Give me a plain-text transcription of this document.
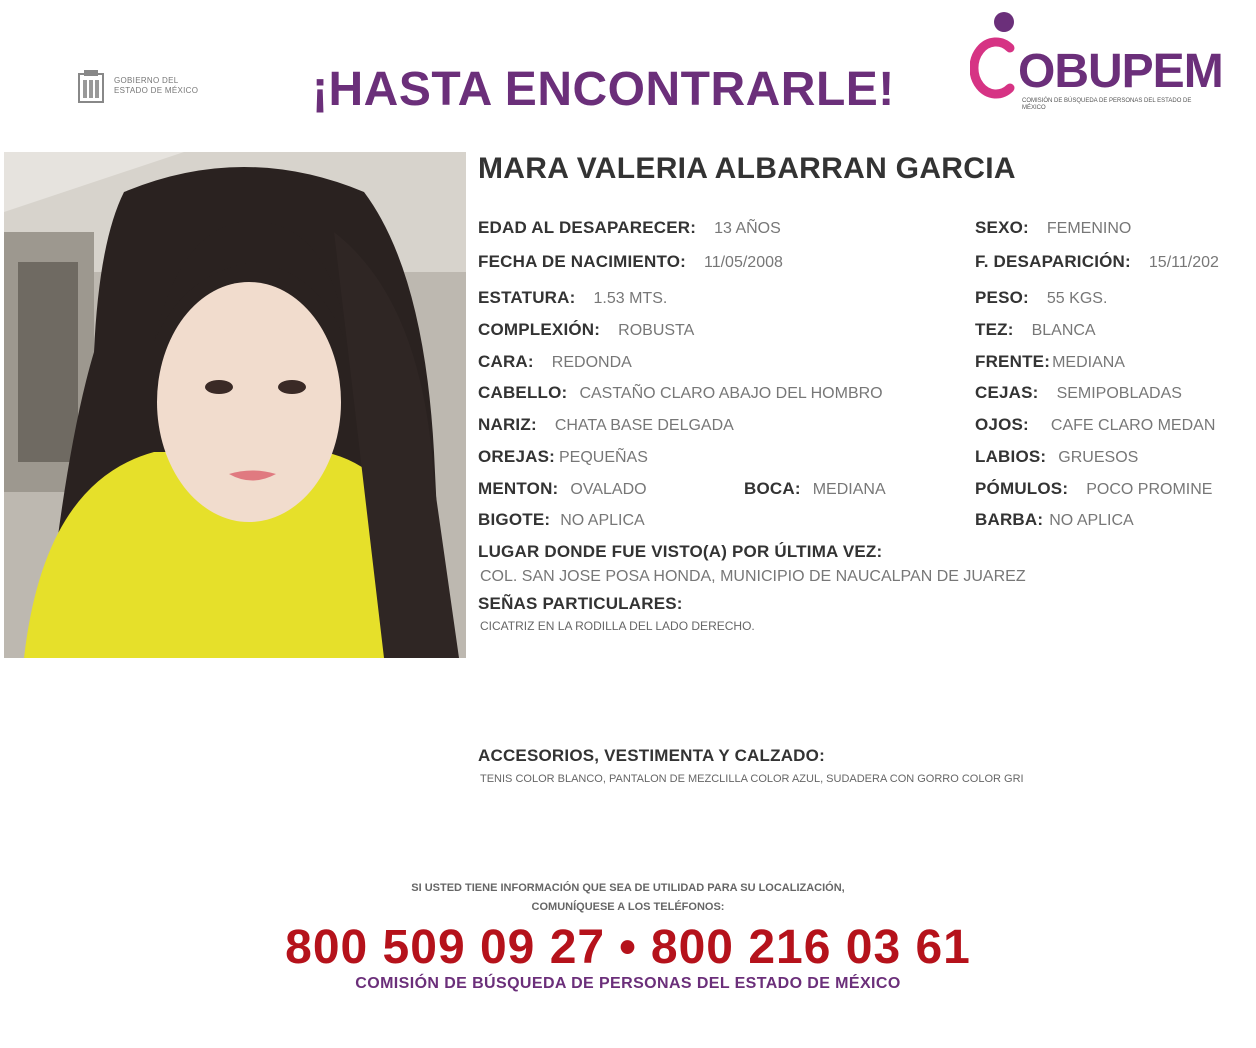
GOBIERNO DEL
ESTADO DE MÉXICO ¡HASTA ENCONTRARLE!	OBUPEM
COMISIÓN DE BÚSQUEDA DE PERSONAS DEL ESTADO DE MÉXICO
MARA VALERIA ALBARRAN GARCIA
EDAD AL DESAPARECER: 13 AÑOS	SEXO: FEMENINO
FECHA DE NACIMIENTO: 11/05/2008	F. DESAPARICIÓN: 15/11/202
ESTATURA: 1.53 MTS.	PESO: 55 KGS.
COMPLEXIÓN: ROBUSTA	TEZ: BLANCA
CARA: REDONDA	FRENTE: MEDIANA
CABELLO: CASTAÑO CLARO ABAJO DEL HOMBRO	CEJAS: SEMIPOBLADAS
NARIZ: CHATA BASE DELGADA	OJOS: CAFE CLARO MEDAN
OREJAS: PEQUEÑAS	LABIOS: GRUESOS
MENTON: OVALADO	BOCA: MEDIANA	PÓMULOS: POCO PROMINE
BIGOTE: NO APLICA	BARBA: NO APLICA
LUGAR DONDE FUE VISTO(A) POR ÚLTIMA VEZ:
COL. SAN JOSE POSA HONDA, MUNICIPIO DE NAUCALPAN DE JUAREZ
SEÑAS PARTICULARES:
CICATRIZ EN LA RODILLA DEL LADO DERECHO.
ACCESORIOS, VESTIMENTA Y CALZADO:
TENIS COLOR BLANCO, PANTALON DE MEZCLILLA COLOR AZUL, SUDADERA CON GORRO COLOR GRI
SI USTED TIENE INFORMACIÓN QUE SEA DE UTILIDAD PARA SU LOCALIZACIÓN,
COMUNÍQUESE A LOS TELÉFONOS:
800 509 09 27 • 800 216 03 61
COMISIÓN DE BÚSQUEDA DE PERSONAS DEL ESTADO DE MÉXICO
